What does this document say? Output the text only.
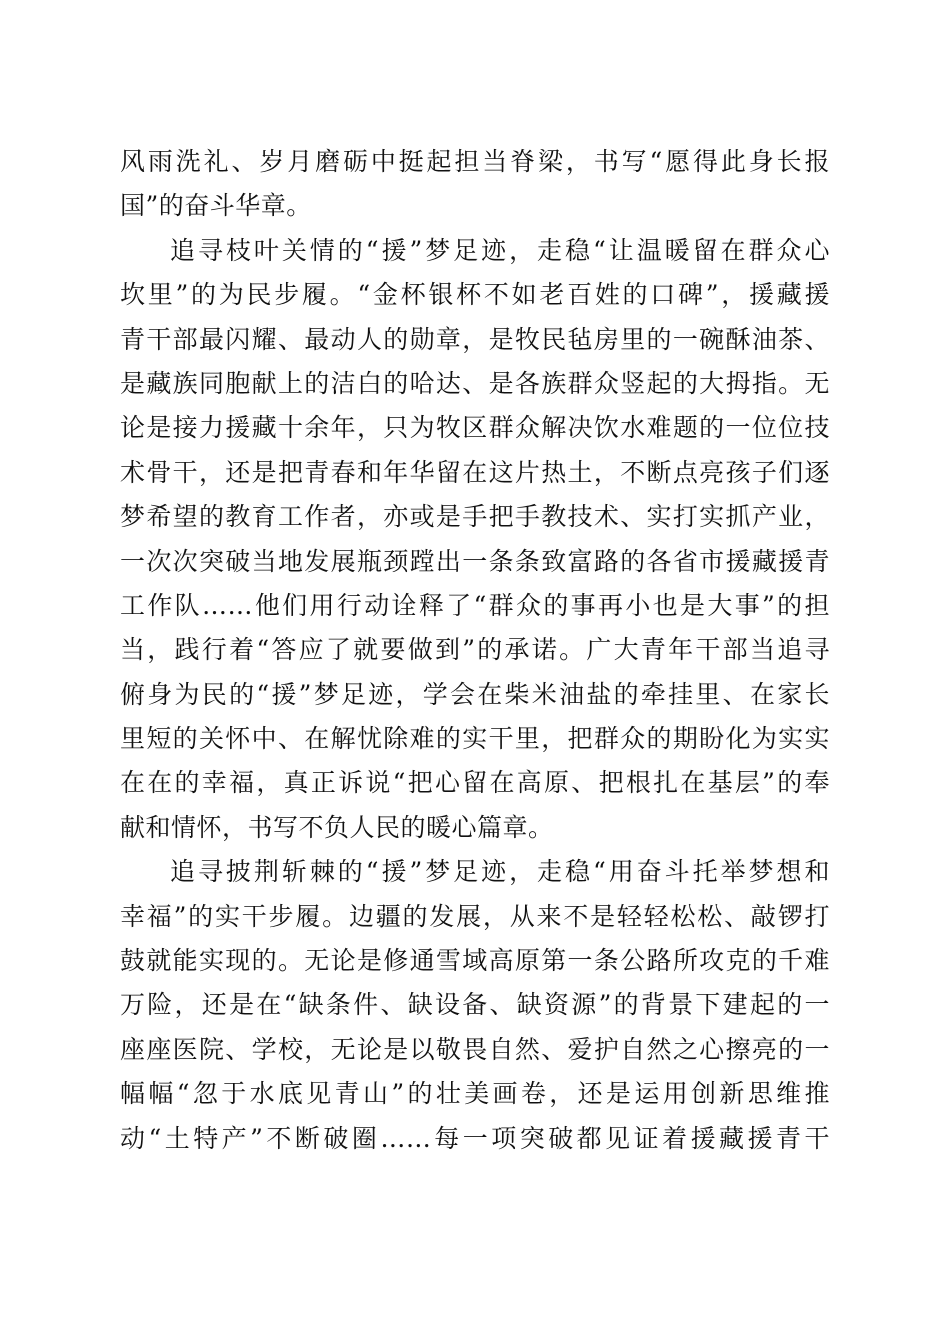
风雨洗礼、岁月磨砺中挺起担当脊梁，书写“愿得此身长报
国”的奋斗华章。
追寻枝叶关情的“援”梦足迹，走稳“让温暖留在群众心
坎里”的为民步履。“金杯银杯不如老百姓的口碑”，援藏援
青干部最闪耀、最动人的勋章，是牧民毡房里的一碗酥油茶、
是藏族同胞献上的洁白的哈达、是各族群众竖起的大拇指。无
论是接力援藏十余年，只为牧区群众解决饮水难题的一位位技
术骨干，还是把青春和年华留在这片热土，不断点亮孩子们逐
梦希望的教育工作者，亦或是手把手教技术、实打实抓产业，
一次次突破当地发展瓶颈蹚出一条条致富路的各省市援藏援青
工作队……他们用行动诠释了“群众的事再小也是大事”的担
当，践行着“答应了就要做到”的承诺。广大青年干部当追寻
俯身为民的“援”梦足迹，学会在柴米油盐的牵挂里、在家长
里短的关怀中、在解忧除难的实干里，把群众的期盼化为实实
在在的幸福，真正诉说“把心留在高原、把根扎在基层”的奉
献和情怀，书写不负人民的暖心篇章。
追寻披荆斩棘的“援”梦足迹，走稳“用奋斗托举梦想和
幸福”的实干步履。边疆的发展，从来不是轻轻松松、敲锣打
鼓就能实现的。无论是修通雪域高原第一条公路所攻克的千难
万险，还是在“缺条件、缺设备、缺资源”的背景下建起的一
座座医院、学校，无论是以敬畏自然、爱护自然之心擦亮的一
幅幅“忽于水底见青山”的壮美画卷，还是运用创新思维推
动“土特产”不断破圈……每一项突破都见证着援藏援青干
